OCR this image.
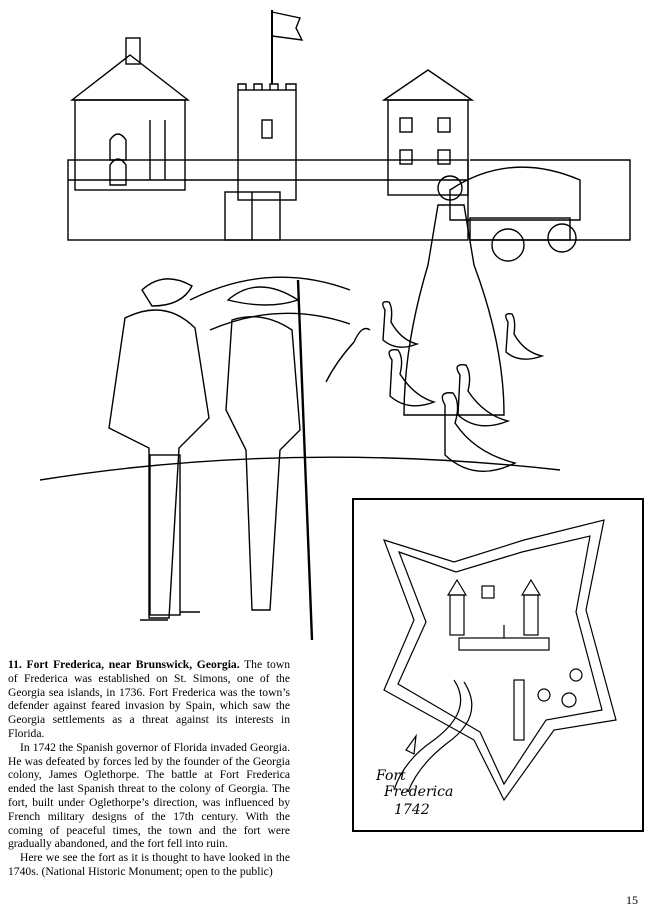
Fort
Frederica
1742

11. Fort Frederica, near Brunswick, Georgia. The town of Frederica was established on St. Simons, one of the Georgia sea islands, in 1736. Fort Frederica was the town’s defender against feared invasion by Spain, which saw the Georgia settlements as a threat against its interests in Florida.

In 1742 the Spanish governor of Florida invaded Georgia. He was defeated by forces led by the founder of the Georgia colony, James Oglethorpe. The battle at Fort Frederica ended the last Spanish threat to the colony of Georgia. The fort, built under Oglethorpe’s direction, was influenced by French military designs of the 17th century. With the coming of peaceful times, the town and the fort were gradually abandoned, and the fort fell into ruin.

Here we see the fort as it is thought to have looked in the 1740s. (National Historic Monument; open to the public)

15
